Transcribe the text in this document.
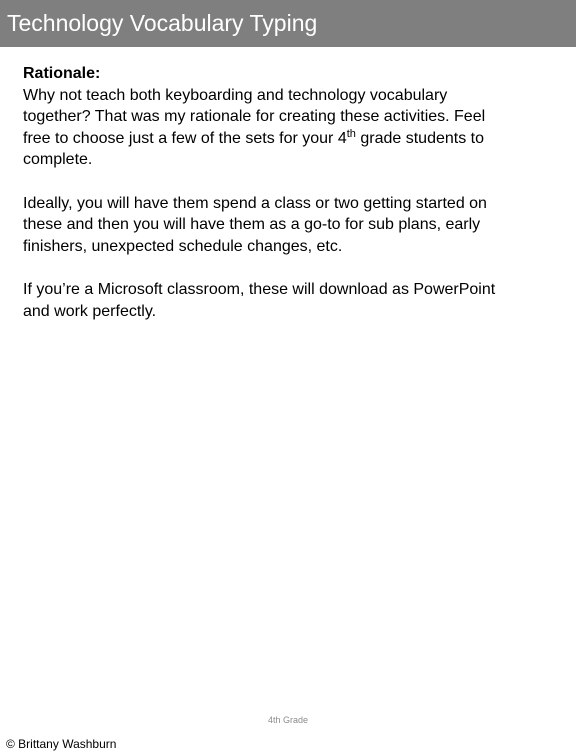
Technology Vocabulary Typing

Rationale:

Why not teach both keyboarding and technology vocabulary

together? That was my rationale for creating these activities. Feel

free to choose just a few of the sets for your 4th grade students to

complete.

Ideally, you will have them spend a class or two getting started on

these and then you will have them as a go-to for sub plans, early

finishers, unexpected schedule changes, etc.

If you’re a Microsoft classroom, these will download as PowerPoint

and work perfectly.

4th Grade
© Brittany Washburn
